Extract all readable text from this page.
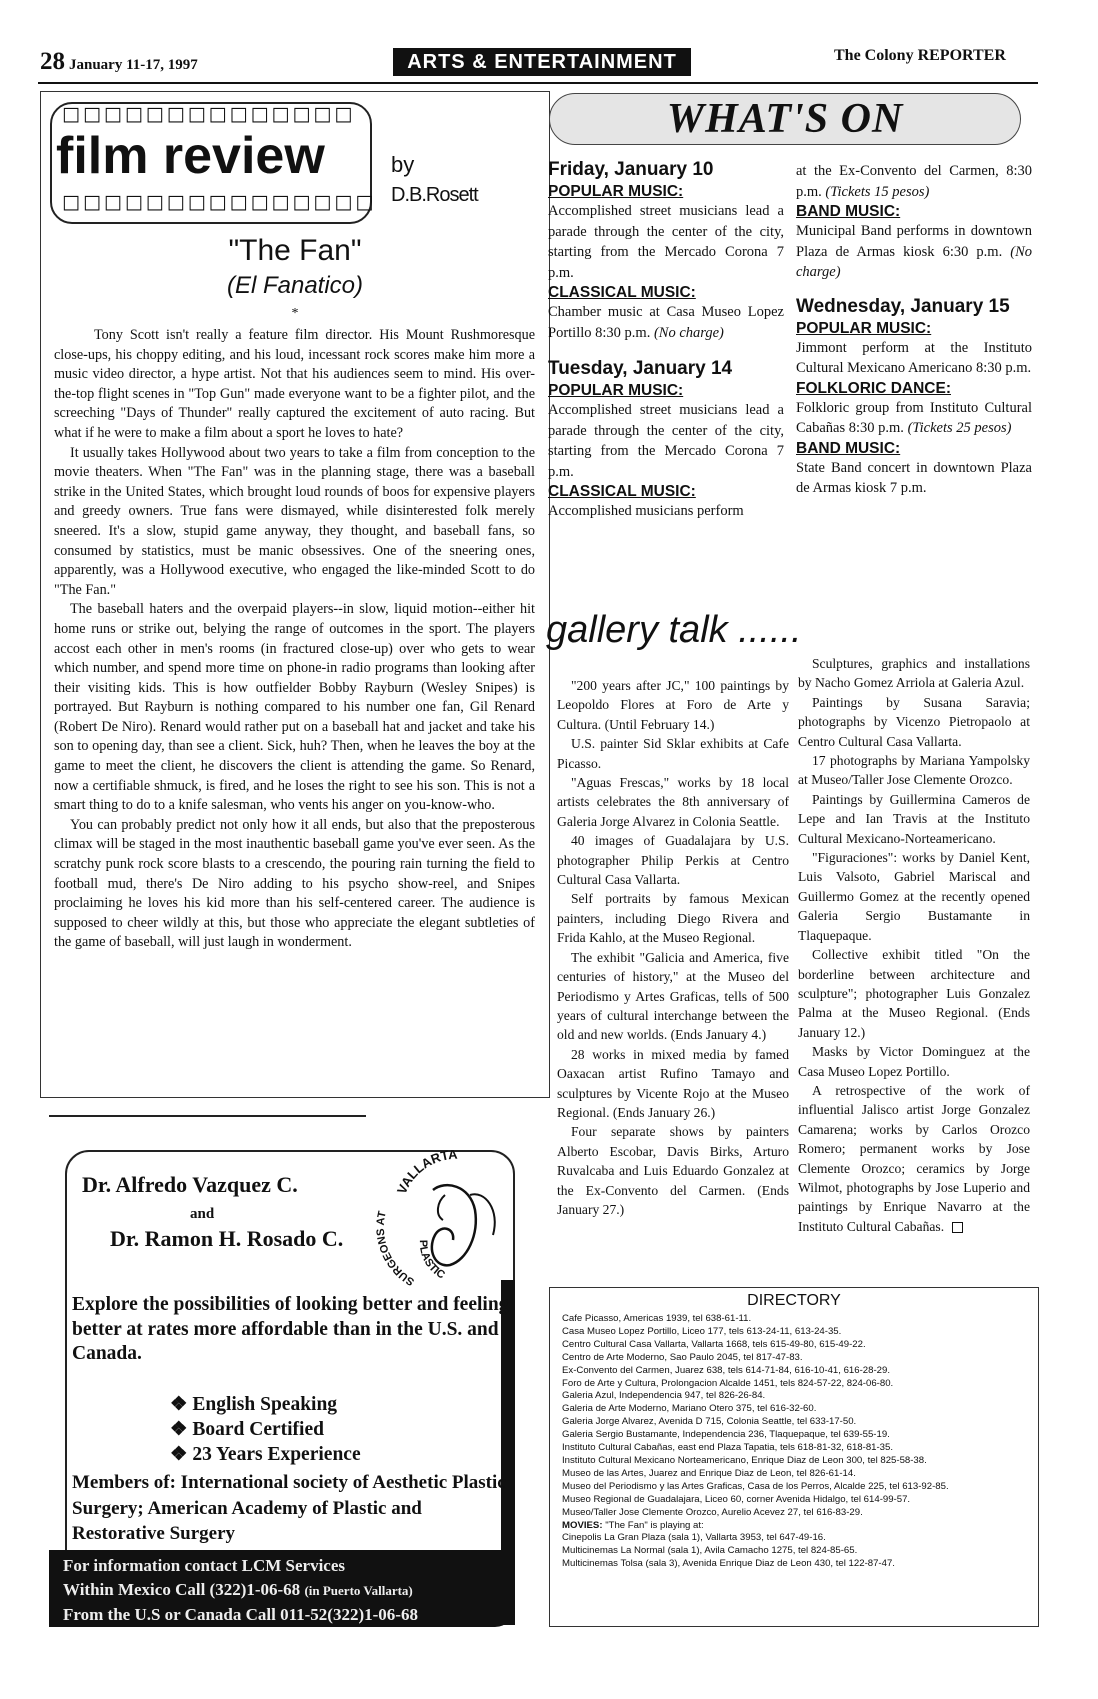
28 January 11-17, 1997	ARTS & ENTERTAINMENT	The Colony REPORTER
□□□□□□□□□□□□□□
film review
□□□□□□□□□□□□□□□
by
D.B.Rosett
"The Fan"
(El Fanatico)
*

Tony Scott isn't really a feature film director. His Mount Rushmoresque close-ups, his choppy editing, and his loud, incessant rock scores make him more a music video director, a hype artist. Not that his audiences seem to mind. His over-the-top flight scenes in "Top Gun" made everyone want to be a fighter pilot, and the screeching "Days of Thunder" really captured the excitement of auto racing. But what if he were to make a film about a sport he loves to hate?

It usually takes Hollywood about two years to take a film from conception to the movie theaters. When "The Fan" was in the planning stage, there was a baseball strike in the United States, which brought loud rounds of boos for expensive players and greedy owners. True fans were dismayed, while disinterested folk merely sneered. It's a slow, stupid game anyway, they thought, and baseball fans, so consumed by statistics, must be manic obsessives. One of the sneering ones, apparently, was a Hollywood executive, who engaged the like-minded Scott to do "The Fan."

The baseball haters and the overpaid players--in slow, liquid motion--either hit home runs or strike out, belying the range of outcomes in the sport. The players accost each other in men's rooms (in fractured close-up) over who gets to wear which number, and spend more time on phone-in radio programs than looking after their visiting kids. This is how outfielder Bobby Rayburn (Wesley Snipes) is portrayed. But Rayburn is nothing compared to his number one fan, Gil Renard (Robert De Niro). Renard would rather put on a baseball hat and jacket and take his son to opening day, than see a client. Sick, huh? Then, when he leaves the boy at the game to meet the client, he discovers the client is attending the game. So Renard, now a certifiable shmuck, is fired, and he loses the right to see his son. This is not a smart thing to do to a knife salesman, who vents his anger on you-know-who.

You can probably predict not only how it all ends, but also that the preposterous climax will be staged in the most inauthentic baseball game you've ever seen. As the scratchy punk rock score blasts to a crescendo, the pouring rain turning the field to football mud, there's De Niro adding to his psycho show-reel, and Snipes proclaiming he loves his kid more than his self-centered career. The audience is supposed to cheer wildly at this, but those who appreciate the elegant subtleties of the game of baseball, will just laugh in wonderment.

WHAT'S ON
Friday, January 10
POPULAR MUSIC:
Accomplished street musicians lead a parade through the center of the city, starting from the Mercado Corona 7 p.m.
CLASSICAL MUSIC:
Chamber music at Casa Museo Lopez Portillo 8:30 p.m. (No charge)
Tuesday, January 14
POPULAR MUSIC:
Accomplished street musicians lead a parade through the center of the city, starting from the Mercado Corona 7 p.m.
CLASSICAL MUSIC:
Accomplished musicians perform
at the Ex-Convento del Carmen, 8:30 p.m. (Tickets 15 pesos)
BAND MUSIC:
Municipal Band performs in downtown Plaza de Armas kiosk 6:30 p.m. (No charge)
Wednesday, January 15
POPULAR MUSIC:
Jimmont perform at the Instituto Cultural Mexicano Americano 8:30 p.m.
FOLKLORIC DANCE:
Folkloric group from Instituto Cultural Cabañas 8:30 p.m. (Tickets 25 pesos)
BAND MUSIC:
State Band concert in downtown Plaza de Armas kiosk 7 p.m.
gallery talk ......

"200 years after JC," 100 paintings by Leopoldo Flores at Foro de Arte y Cultura. (Until February 14.)

U.S. painter Sid Sklar exhibits at Cafe Picasso.

"Aguas Frescas," works by 18 local artists celebrates the 8th anniversary of Galeria Jorge Alvarez in Colonia Seattle.

40 images of Guadalajara by U.S. photographer Philip Perkis at Centro Cultural Casa Vallarta.

Self portraits by famous Mexican painters, including Diego Rivera and Frida Kahlo, at the Museo Regional.

The exhibit "Galicia and America, five centuries of history," at the Museo del Periodismo y Artes Graficas, tells of 500 years of cultural interchange between the old and new worlds. (Ends January 4.)

28 works in mixed media by famed Oaxacan artist Rufino Tamayo and sculptures by Vicente Rojo at the Museo Regional. (Ends January 26.)

Four separate shows by painters Alberto Escobar, Davis Birks, Arturo Ruvalcaba and Luis Eduardo Gonzalez at the Ex-Convento del Carmen. (Ends January 27.)

Sculptures, graphics and installations by Nacho Gomez Arriola at Galeria Azul.

Paintings by Susana Saravia; photographs by Vicenzo Pietropaolo at Centro Cultural Casa Vallarta.

17 photographs by Mariana Yampolsky at Museo/Taller Jose Clemente Orozco.

Paintings by Guillermina Cameros de Lepe and Ian Travis at the Instituto Cultural Mexicano-Norteamericano.

"Figuraciones": works by Daniel Kent, Luis Valsoto, Gabriel Mariscal and Guillermo Gomez at the recently opened Galeria Sergio Bustamante in Tlaquepaque.

Collective exhibit titled "On the borderline between architecture and sculpture"; photographer Luis Gonzalez Palma at the Museo Regional. (Ends January 12.)

Masks by Victor Dominguez at the Casa Museo Lopez Portillo.

A retrospective of the work of influential Jalisco artist Jorge Gonzalez Camarena; works by Carlos Orozco Romero; permanent works by Jose Clemente Orozco; ceramics by Jorge Wilmot, photographs by Jose Luperio and paintings by Enrique Navarro at the Instituto Cultural Cabañas.

DIRECTORY
Cafe Picasso, Americas 1939, tel 638-61-11.
Casa Museo Lopez Portillo, Liceo 177, tels 613-24-11, 613-24-35.
Centro Cultural Casa Vallarta, Vallarta 1668, tels 615-49-80, 615-49-22.
Centro de Arte Moderno, Sao Paulo 2045, tel 817-47-83.
Ex-Convento del Carmen, Juarez 638, tels 614-71-84, 616-10-41, 616-28-29.
Foro de Arte y Cultura, Prolongacion Alcalde 1451, tels 824-57-22, 824-06-80.
Galeria Azul, Independencia 947, tel 826-26-84.
Galeria de Arte Moderno, Mariano Otero 375, tel 616-32-60.
Galeria Jorge Alvarez, Avenida D 715, Colonia Seattle, tel 633-17-50.
Galeria Sergio Bustamante, Independencia 236, Tlaquepaque, tel 639-55-19.
Instituto Cultural Cabañas, east end Plaza Tapatia, tels 618-81-32, 618-81-35.
Instituto Cultural Mexicano Norteamericano, Enrique Diaz de Leon 300, tel 825-58-38.
Museo de las Artes, Juarez and Enrique Diaz de Leon, tel 826-61-14.
Museo del Periodismo y las Artes Graficas, Casa de los Perros, Alcalde 225, tel 613-92-85.
Museo Regional de Guadalajara, Liceo 60, corner Avenida Hidalgo, tel 614-99-57.
Museo/Taller Jose Clemente Orozco, Aurelio Acevez 27, tel 616-83-29.
MOVIES: "The Fan" is playing at:
Cinepolis La Gran Plaza (sala 1), Vallarta 3953, tel 647-49-16.
Multicinemas La Normal (sala 1), Avila Camacho 1275, tel 824-85-65.
Multicinemas Tolsa (sala 3), Avenida Enrique Diaz de Leon 430, tel 122-87-47.
Dr. Alfredo Vazquez C.
and
Dr. Ramon H. Rosado C.
VALLARTA
SURGEONS AT
PLASTIC
Explore the possibilities of looking better and feeling better at rates more affordable than in the U.S. and Canada.
❖ English Speaking
❖ Board Certified
❖ 23 Years Experience
Members of: International society of Aesthetic Plastic Surgery; American Academy of Plastic and Restorative Surgery
For information contact LCM Services
Within Mexico Call (322)1-06-68 (in Puerto Vallarta)
From the U.S or Canada Call 011-52(322)1-06-68
